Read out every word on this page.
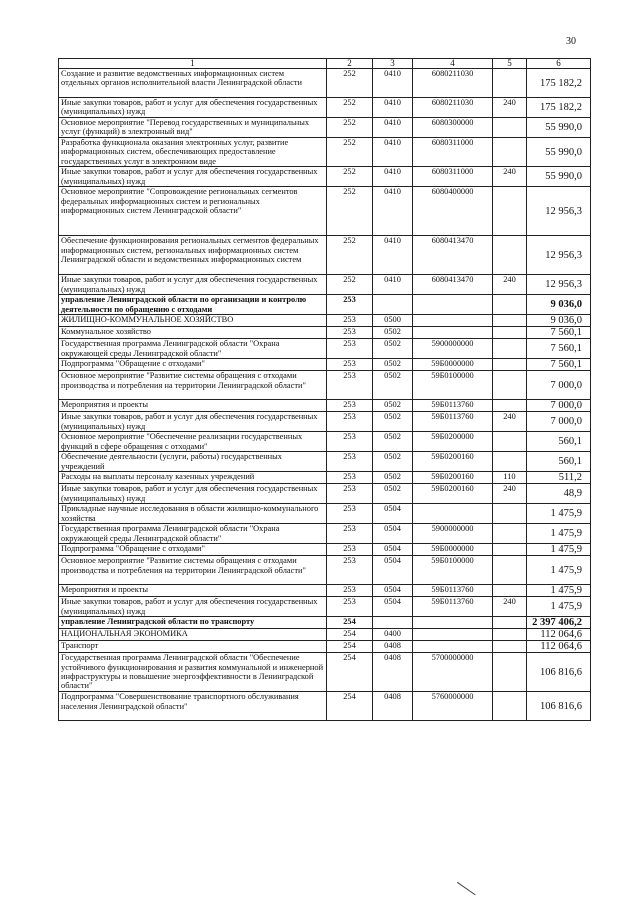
30
1	2	3	4	5	6
Создание и развитие ведомственных информационных систем отдельных органов исполнительной власти Ленинградской области	252	0410	6080211030		175 182,2
Иные закупки товаров, работ и услуг для обеспечения государственных (муниципальных) нужд	252	0410	6080211030	240	175 182,2
Основное мероприятие "Перевод государственных и муниципальных услуг (функций) в электронный вид"	252	0410	6080300000		55 990,0
Разработка функционала оказания электронных услуг, развитие информационных систем, обеспечивающих предоставление государственных услуг в электронном виде	252	0410	6080311000		55 990,0
Иные закупки товаров, работ и услуг для обеспечения государственных (муниципальных) нужд	252	0410	6080311000	240	55 990,0
Основное мероприятие "Сопровождение региональных сегментов федеральных информационных систем и региональных информационных систем Ленинградской области"	252	0410	6080400000		12 956,3
Обеспечение функционирования региональных сегментов федеральных информационных систем, региональных информационных систем Ленинградской области и ведомственных информационных систем	252	0410	6080413470		12 956,3
Иные закупки товаров, работ и услуг для обеспечения государственных (муниципальных) нужд	252	0410	6080413470	240	12 956,3
управление Ленинградской области по организации и контролю деятельности по обращению с отходами	253				9 036,0
ЖИЛИЩНО-КОММУНАЛЬНОЕ ХОЗЯЙСТВО	253	0500			9 036,0
Коммунальное хозяйство	253	0502			7 560,1
Государственная программа Ленинградской области "Охрана окружающей среды Ленинградской области"	253	0502	5900000000		7 560,1
Подпрограмма "Обращение с отходами"	253	0502	59Б0000000		7 560,1
Основное мероприятие "Развитие системы обращения с отходами производства и потребления на территории Ленинградской области"	253	0502	59Б0100000		7 000,0
Мероприятия и проекты	253	0502	59Б0113760		7 000,0
Иные закупки товаров, работ и услуг для обеспечения государственных (муниципальных) нужд	253	0502	59Б0113760	240	7 000,0
Основное мероприятие "Обеспечение реализации государственных функций в сфере обращения с отходами"	253	0502	59Б0200000		560,1
Обеспечение деятельности (услуги, работы) государственных учреждений	253	0502	59Б0200160		560,1
Расходы на выплаты персоналу казенных учреждений	253	0502	59Б0200160	110	511,2
Иные закупки товаров, работ и услуг для обеспечения государственных (муниципальных) нужд	253	0502	59Б0200160	240	48,9
Прикладные научные исследования в области жилищно-коммунального хозяйства	253	0504			1 475,9
Государственная программа Ленинградской области "Охрана окружающей среды Ленинградской области"	253	0504	5900000000		1 475,9
Подпрограмма "Обращение с отходами"	253	0504	59Б0000000		1 475,9
Основное мероприятие "Развитие системы обращения с отходами производства и потребления на территории Ленинградской области"	253	0504	59Б0100000		1 475,9
Мероприятия и проекты	253	0504	59Б0113760		1 475,9
Иные закупки товаров, работ и услуг для обеспечения государственных (муниципальных) нужд	253	0504	59Б0113760	240	1 475,9
управление Ленинградской области по транспорту	254				2 397 406,2
НАЦИОНАЛЬНАЯ ЭКОНОМИКА	254	0400			112 064,6
Транспорт	254	0408			112 064,6
Государственная программа Ленинградской области "Обеспечение устойчивого функционирования и развития коммунальной и инженерной инфраструктуры и повышение энергоэффективности в Ленинградской области"	254	0408	5700000000		106 816,6
Подпрограмма "Совершенствование транспортного обслуживания населения Ленинградской области"	254	0408	5760000000		106 816,6
